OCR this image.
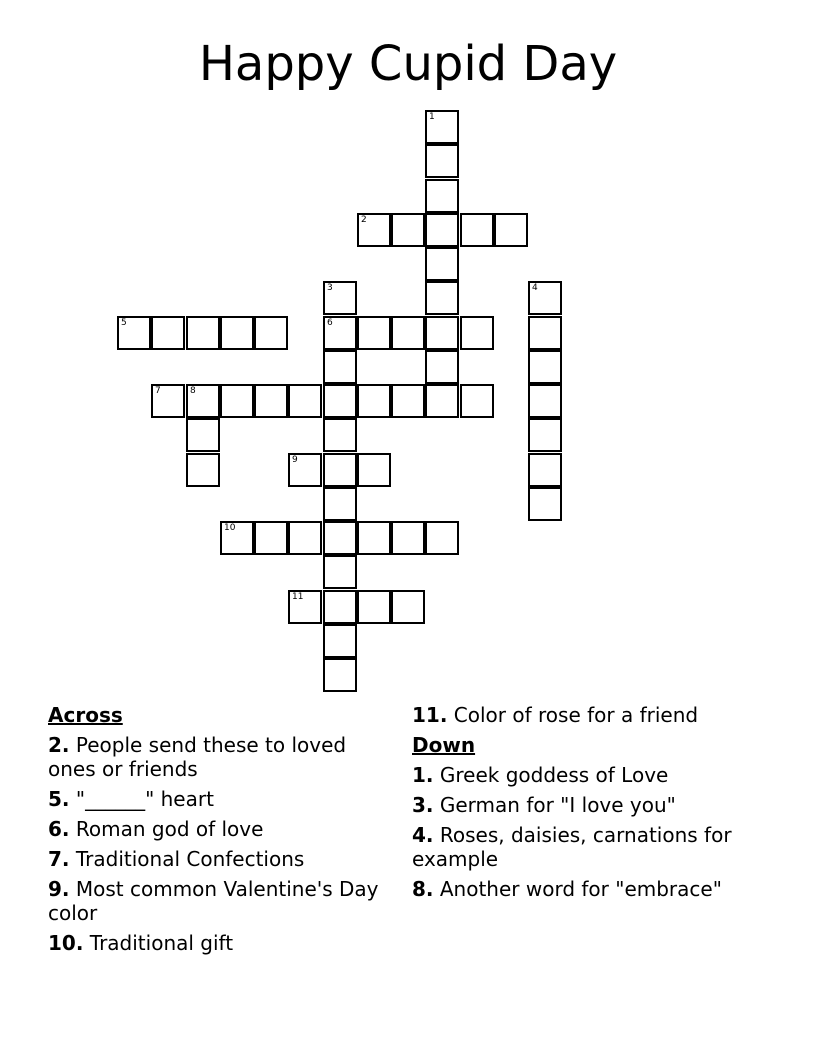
Happy Cupid Day
1
2
3
6
4
5
7	8
9
10
11
Across
2. People send these to loved ones or friends
5. "______" heart
6. Roman god of love
7. Traditional Confections
9. Most common Valentine's Day color
10. Traditional gift
11. Color of rose for a friend
Down
1. Greek goddess of Love
3. German for "I love you"
4. Roses, daisies, carnations for example
8. Another word for "embrace"
